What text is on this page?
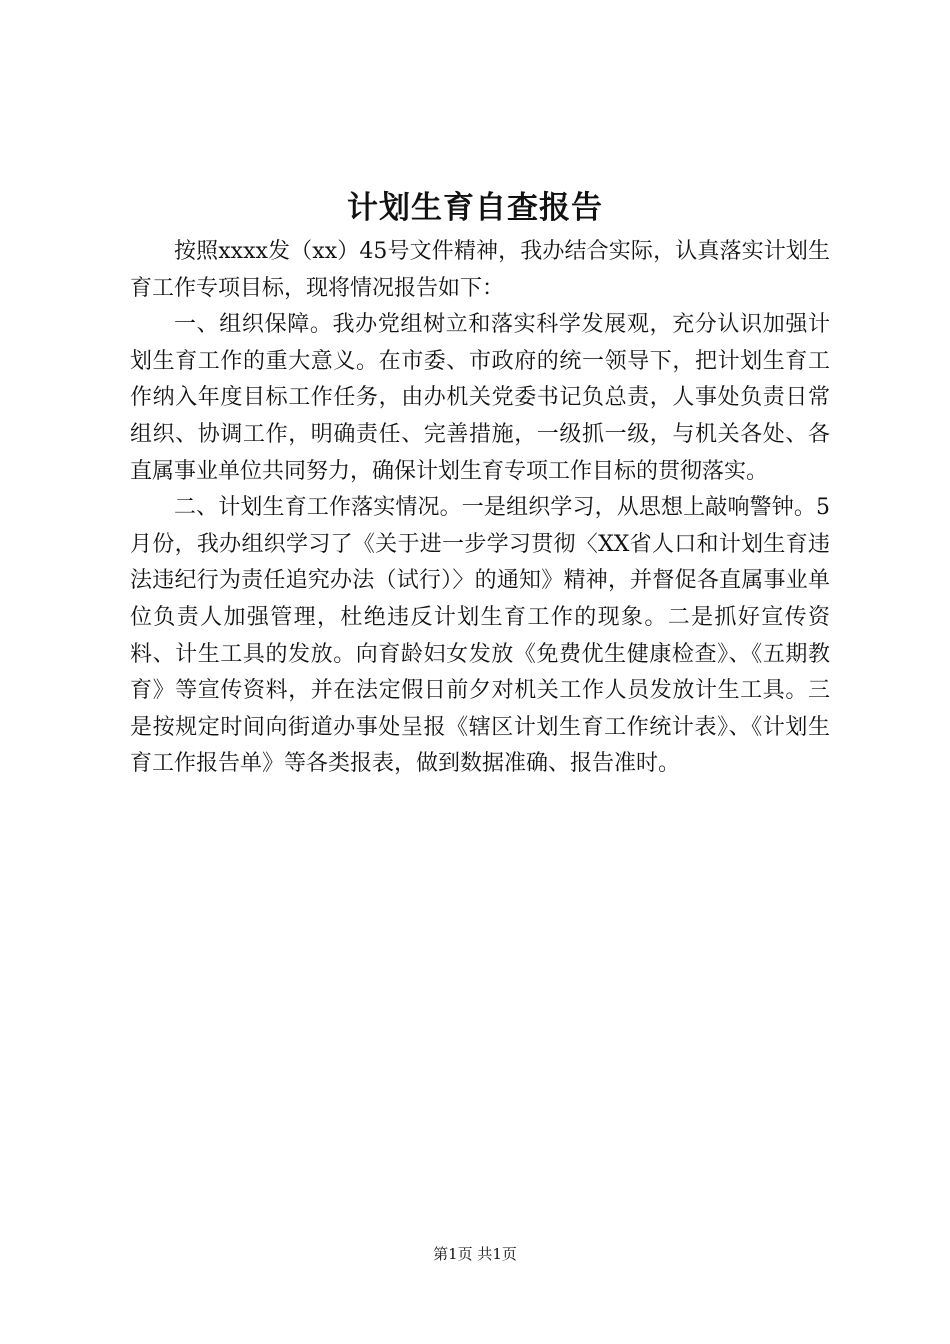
计划生育自查报告

按照xxxx发（xx）45号文件精神，我办结合实际，认真落实计划生育工作专项目标，现将情况报告如下：

一、组织保障。我办党组树立和落实科学发展观，充分认识加强计划生育工作的重大意义。在市委、市政府的统一领导下，把计划生育工作纳入年度目标工作任务，由办机关党委书记负总责，人事处负责日常组织、协调工作，明确责任、完善措施，一级抓一级，与机关各处、各直属事业单位共同努力，确保计划生育专项工作目标的贯彻落实。

二、计划生育工作落实情况。一是组织学习，从思想上敲响警钟。5月份，我办组织学习了《关于进一步学习贯彻〈XX省人口和计划生育违法违纪行为责任追究办法（试行）〉的通知》精神，并督促各直属事业单位负责人加强管理，杜绝违反计划生育工作的现象。二是抓好宣传资料、计生工具的发放。向育龄妇女发放《免费优生健康检查》、《五期教育》等宣传资料，并在法定假日前夕对机关工作人员发放计生工具。三是按规定时间向街道办事处呈报《辖区计划生育工作统计表》、《计划生育工作报告单》等各类报表，做到数据准确、报告准时。

第1页 共1页
